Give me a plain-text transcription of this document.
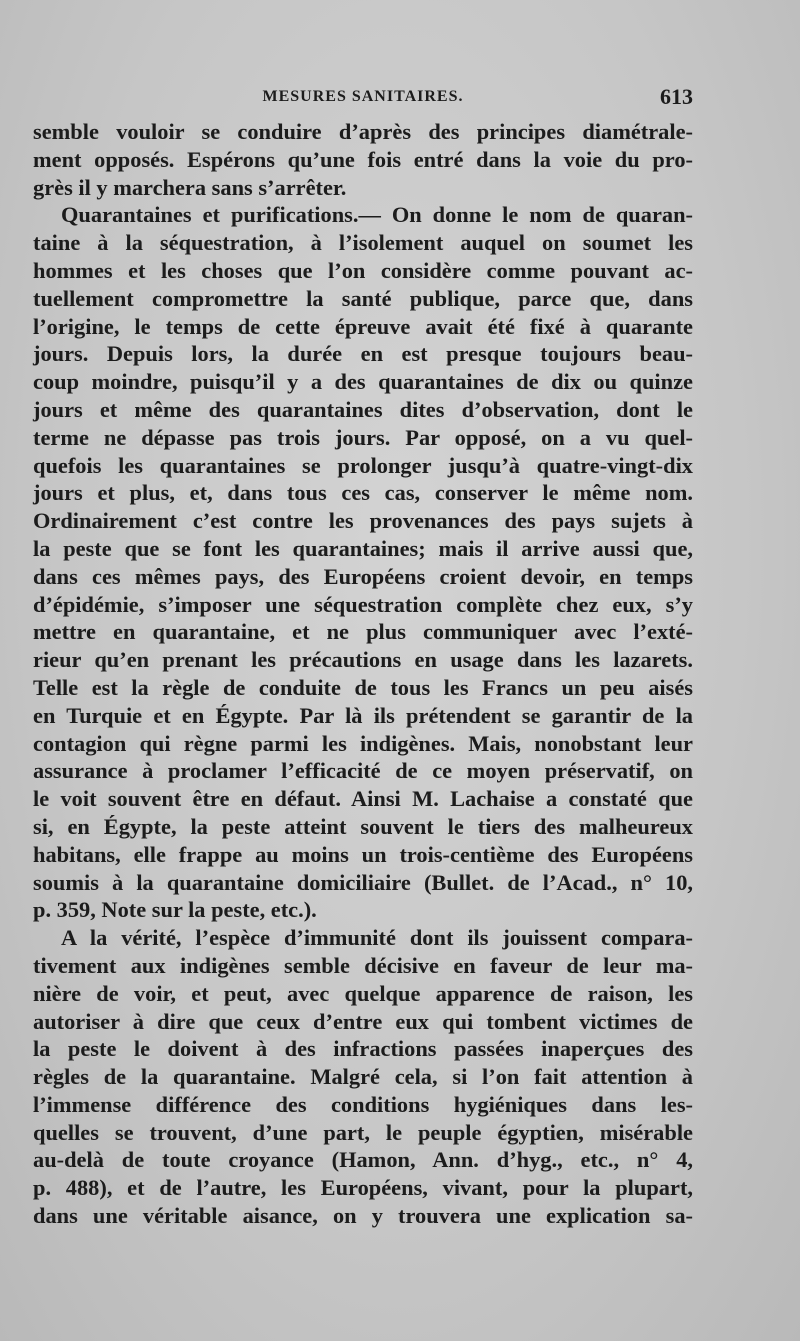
MESURES SANITAIRES.	613
semble vouloir se conduire d’après des principes diamétrale-
ment opposés. Espérons qu’une fois entré dans la voie du pro-
grès il y marchera sans s’arrêter.
Quarantaines et purifications.— On donne le nom de quaran-
taine à la séquestration, à l’isolement auquel on soumet les
hommes et les choses que l’on considère comme pouvant ac-
tuellement compromettre la santé publique, parce que, dans
l’origine, le temps de cette épreuve avait été fixé à quarante
jours. Depuis lors, la durée en est presque toujours beau-
coup moindre, puisqu’il y a des quarantaines de dix ou quinze
jours et même des quarantaines dites d’observation, dont le
terme ne dépasse pas trois jours. Par opposé, on a vu quel-
quefois les quarantaines se prolonger jusqu’à quatre-vingt-dix
jours et plus, et, dans tous ces cas, conserver le même nom.
Ordinairement c’est contre les provenances des pays sujets à
la peste que se font les quarantaines; mais il arrive aussi que,
dans ces mêmes pays, des Européens croient devoir, en temps
d’épidémie, s’imposer une séquestration complète chez eux, s’y
mettre en quarantaine, et ne plus communiquer avec l’exté-
rieur qu’en prenant les précautions en usage dans les lazarets.
Telle est la règle de conduite de tous les Francs un peu aisés
en Turquie et en Égypte. Par là ils prétendent se garantir de la
contagion qui règne parmi les indigènes. Mais, nonobstant leur
assurance à proclamer l’efficacité de ce moyen préservatif, on
le voit souvent être en défaut. Ainsi M. Lachaise a constaté que
si, en Égypte, la peste atteint souvent le tiers des malheureux
habitans, elle frappe au moins un trois-centième des Européens
soumis à la quarantaine domiciliaire (Bullet. de l’Acad., n° 10,
p. 359, Note sur la peste, etc.).
A la vérité, l’espèce d’immunité dont ils jouissent compara-
tivement aux indigènes semble décisive en faveur de leur ma-
nière de voir, et peut, avec quelque apparence de raison, les
autoriser à dire que ceux d’entre eux qui tombent victimes de
la peste le doivent à des infractions passées inaperçues des
règles de la quarantaine. Malgré cela, si l’on fait attention à
l’immense différence des conditions hygiéniques dans les-
quelles se trouvent, d’une part, le peuple égyptien, misérable
au-delà de toute croyance (Hamon, Ann. d’hyg., etc., n° 4,
p. 488), et de l’autre, les Européens, vivant, pour la plupart,
dans une véritable aisance, on y trouvera une explication sa-
